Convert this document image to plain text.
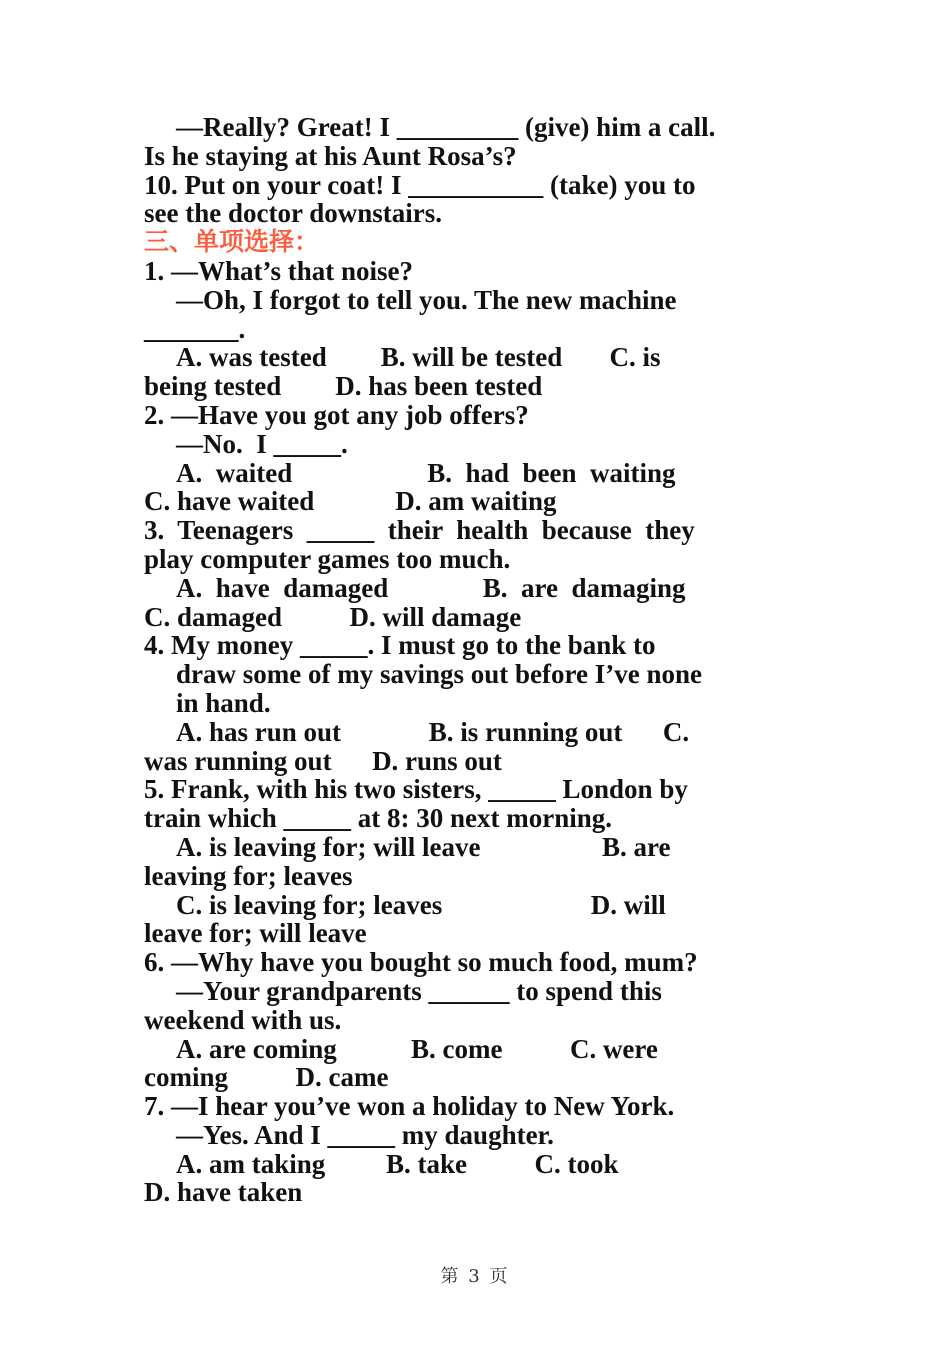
—Really? Great! I _________ (give) him a call.
Is he staying at his Aunt Rosa’s?
10. Put on your coat! I __________ (take) you to
see the doctor downstairs.
三、单项选择：
1. —What’s that noise?
—Oh, I forgot to tell you. The new machine
_______.
A. was tested        B. will be tested       C. is
being tested        D. has been tested
2. —Have you got any job offers?
—No.  I _____.
A.  waited                    B.  had  been  waiting
C. have waited            D. am waiting
3.  Teenagers  _____  their  health  because  they
play computer games too much.
A.  have  damaged              B.  are  damaging
C. damaged          D. will damage
4. My money _____. I must go to the bank to
draw some of my savings out before I’ve none
in hand.
A. has run out             B. is running out      C.
was running out      D. runs out
5. Frank, with his two sisters, _____ London by
train which _____ at 8: 30 next morning.
A. is leaving for; will leave                  B. are
leaving for; leaves
C. is leaving for; leaves                      D. will
leave for; will leave
6. —Why have you bought so much food, mum?
—Your grandparents ______ to spend this
weekend with us.
A. are coming           B. come          C. were
coming          D. came
7. —I hear you’ve won a holiday to New York.
—Yes. And I _____ my daughter.
A. am taking         B. take          C. took
D. have taken
第 3 页
